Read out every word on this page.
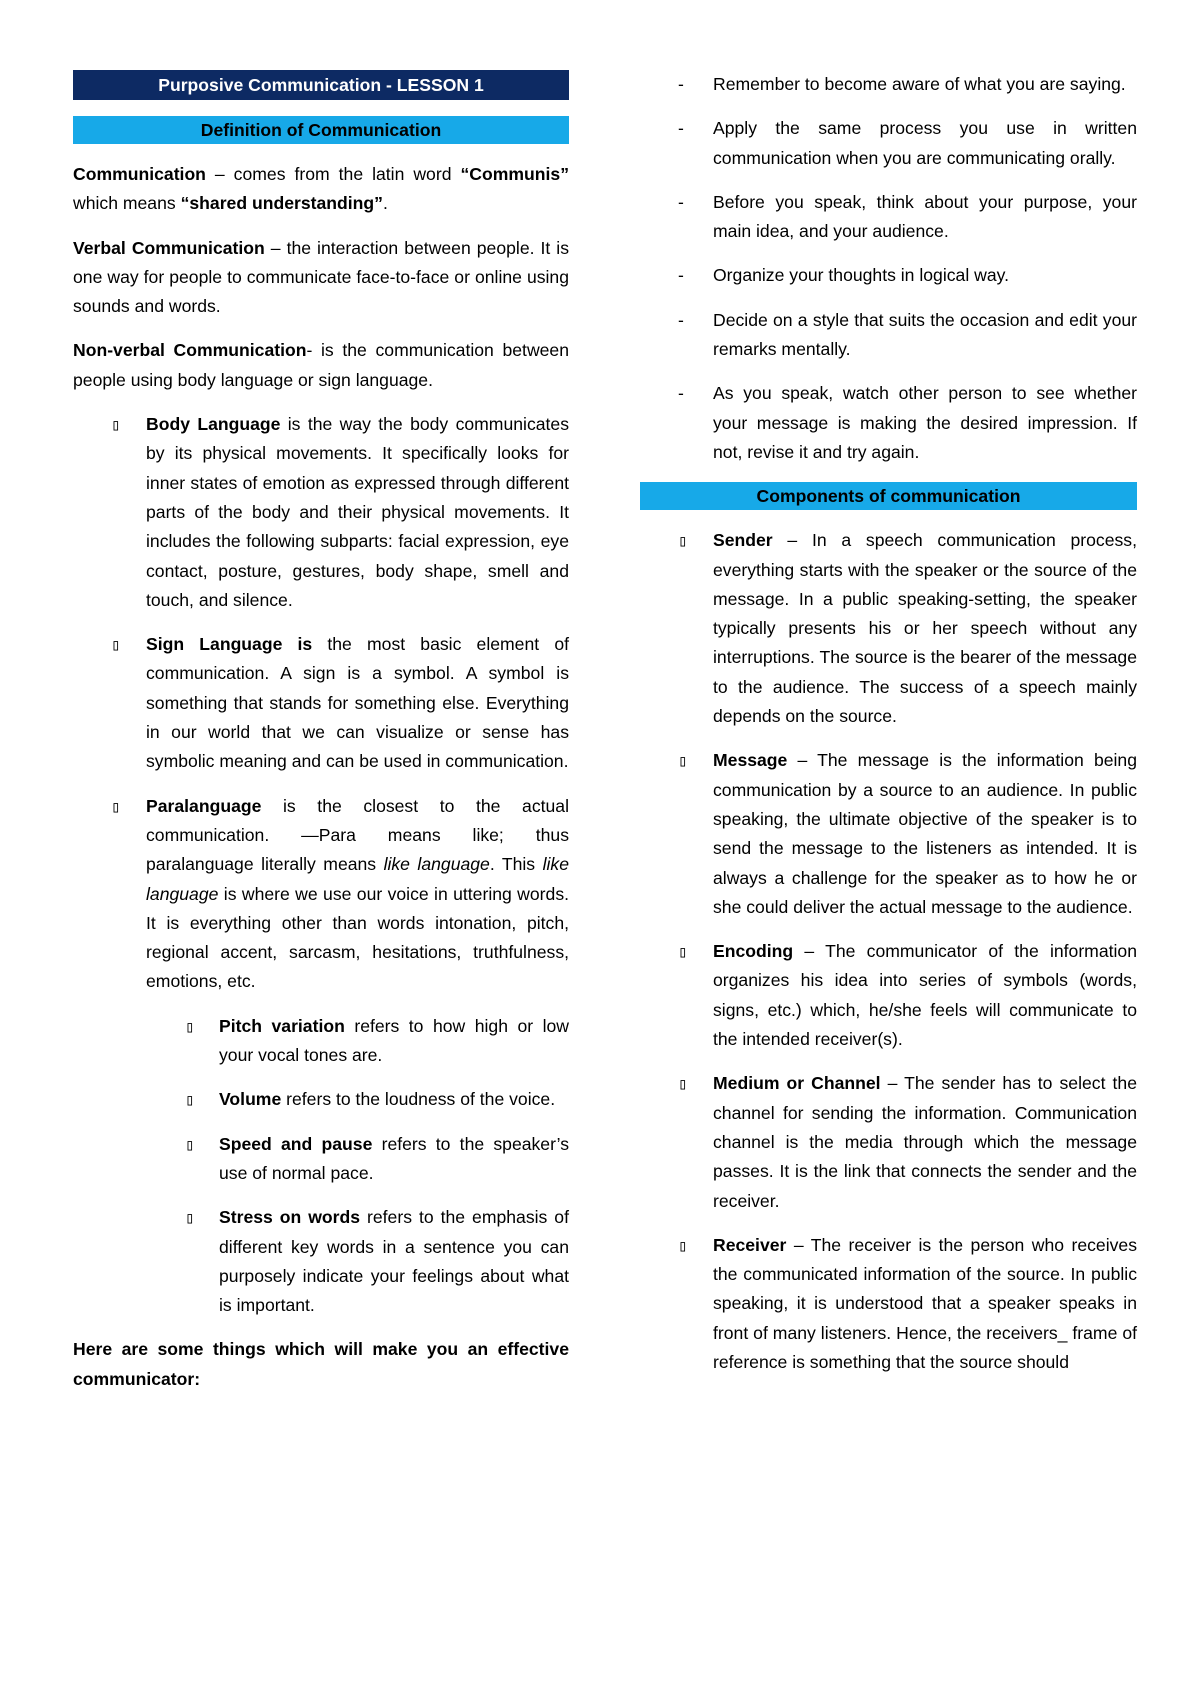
Purposive Communication - LESSON 1
Definition of Communication

Communication – comes from the latin word “Communis” which means “shared understanding”.

Verbal Communication – the interaction between people. It is one way for people to communicate face-to-face or online using sounds and words.

Non-verbal Communication- is the communication between people using body language or sign language.

▯	Body Language is the way the body communicates by its physical movements. It specifically looks for inner states of emotion as expressed through different parts of the body and their physical movements. It includes the following subparts: facial expression, eye contact, posture, gestures, body shape, smell and touch, and silence.
▯	Sign Language is the most basic element of communication. A sign is a symbol. A symbol is something that stands for something else. Everything in our world that we can visualize or sense has symbolic meaning and can be used in communication.
▯	Paralanguage is the closest to the actual communication. ―Para means like; thus paralanguage literally means like language. This like language is where we use our voice in uttering words. It is everything other than words intonation, pitch, regional accent, sarcasm, hesitations, truthfulness, emotions, etc.
▯	Pitch variation refers to how high or low your vocal tones are.
▯	Volume refers to the loudness of the voice.
▯	Speed and pause refers to the speaker’s use of normal pace.
▯	Stress on words refers to the emphasis of different key words in a sentence you can purposely indicate your feelings about what is important.

Here are some things which will make you an effective communicator:

- Remember to become aware of what you are saying.
- Apply the same process you use in written communication when you are communicating orally.
- Before you speak, think about your purpose, your main idea, and your audience.
- Organize your thoughts in logical way.
- Decide on a style that suits the occasion and edit your remarks mentally.
- As you speak, watch other person to see whether your message is making the desired impression. If not, revise it and try again.
Components of communication
▯	Sender – In a speech communication process, everything starts with the speaker or the source of the message. In a public speaking-setting, the speaker typically presents his or her speech without any interruptions. The source is the bearer of the message to the audience. The success of a speech mainly depends on the source.
▯	Message – The message is the information being communication by a source to an audience. In public speaking, the ultimate objective of the speaker is to send the message to the listeners as intended. It is always a challenge for the speaker as to how he or she could deliver the actual message to the audience.
▯	Encoding – The communicator of the information organizes his idea into series of symbols (words, signs, etc.) which, he/she feels will communicate to the intended receiver(s).
▯	Medium or Channel – The sender has to select the channel for sending the information. Communication channel is the media through which the message passes. It is the link that connects the sender and the receiver.
▯	Receiver – The receiver is the person who receives the communicated information of the source. In public speaking, it is understood that a speaker speaks in front of many listeners. Hence, the receivers_ frame of reference is something that the source should
